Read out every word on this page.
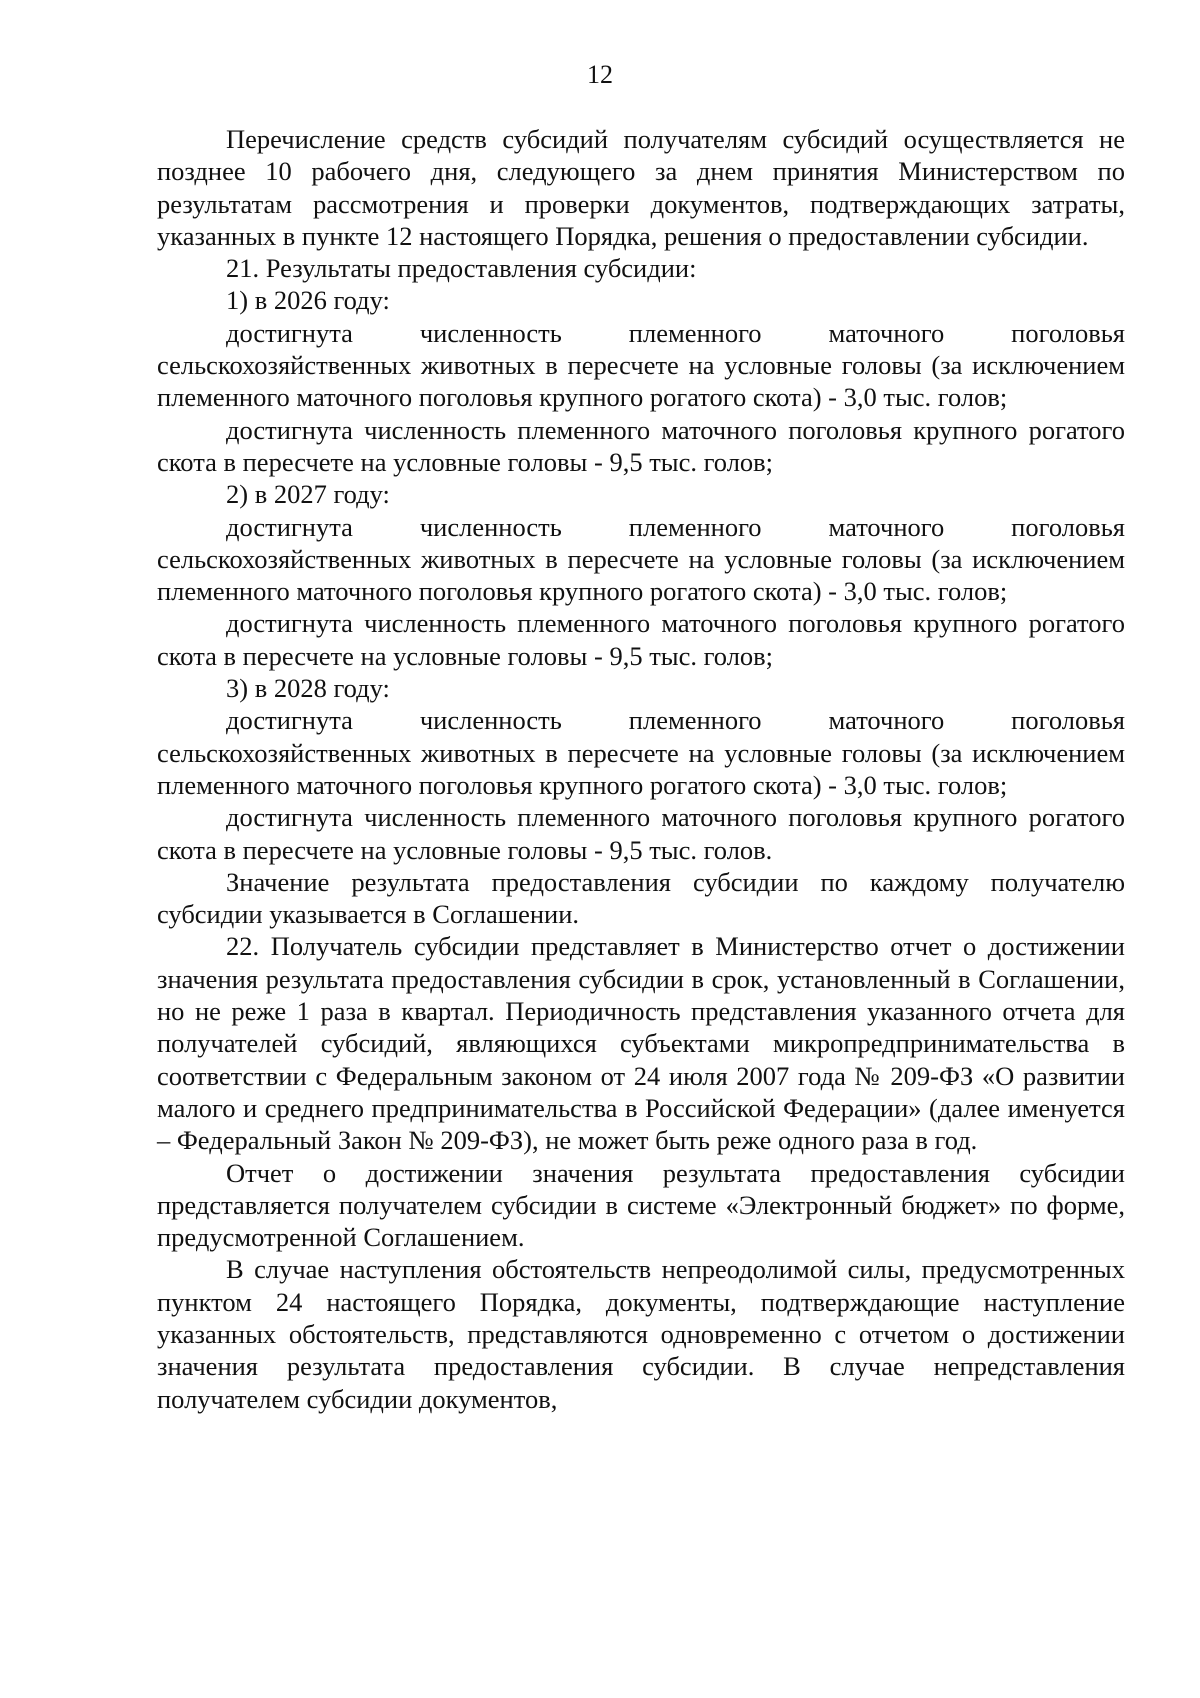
12

Перечисление средств субсидий получателям субсидий осуществляется не позднее 10 рабочего дня, следующего за днем принятия Министерством по результатам рассмотрения и проверки документов, подтверждающих затраты, указанных в пункте 12 настоящего Порядка, решения о предоставлении субсидии.

21. Результаты предоставления субсидии:

1) в 2026 году:

достигнута численность племенного маточного поголовья сельскохозяйственных животных в пересчете на условные головы (за исключением племенного маточного поголовья крупного рогатого скота) - 3,0 тыс. голов;

достигнута численность племенного маточного поголовья крупного рогатого скота в пересчете на условные головы - 9,5 тыс. голов;

2) в 2027 году:

достигнута численность племенного маточного поголовья сельскохозяйственных животных в пересчете на условные головы (за исключением племенного маточного поголовья крупного рогатого скота) - 3,0 тыс. голов;

достигнута численность племенного маточного поголовья крупного рогатого скота в пересчете на условные головы - 9,5 тыс. голов;

3) в 2028 году:

достигнута численность племенного маточного поголовья сельскохозяйственных животных в пересчете на условные головы (за исключением племенного маточного поголовья крупного рогатого скота) - 3,0 тыс. голов;

достигнута численность племенного маточного поголовья крупного рогатого скота в пересчете на условные головы - 9,5 тыс. голов.

Значение результата предоставления субсидии по каждому получателю субсидии указывается в Соглашении.

22. Получатель субсидии представляет в Министерство отчет о достижении значения результата предоставления субсидии в срок, установленный в Соглашении, но не реже 1 раза в квартал. Периодичность представления указанного отчета для получателей субсидий, являющихся субъектами микропредпринимательства в соответствии с Федеральным законом от 24 июля 2007 года № 209-ФЗ «О развитии малого и среднего предпринимательства в Российской Федерации» (далее именуется – Федеральный Закон № 209-ФЗ), не может быть реже одного раза в год.

Отчет о достижении значения результата предоставления субсидии представляется получателем субсидии в системе «Электронный бюджет» по форме, предусмотренной Соглашением.

В случае наступления обстоятельств непреодолимой силы, предусмотренных пунктом 24 настоящего Порядка, документы, подтверждающие наступление указанных обстоятельств, представляются одновременно с отчетом о достижении значения результата предоставления субсидии. В случае непредставления получателем субсидии документов,
